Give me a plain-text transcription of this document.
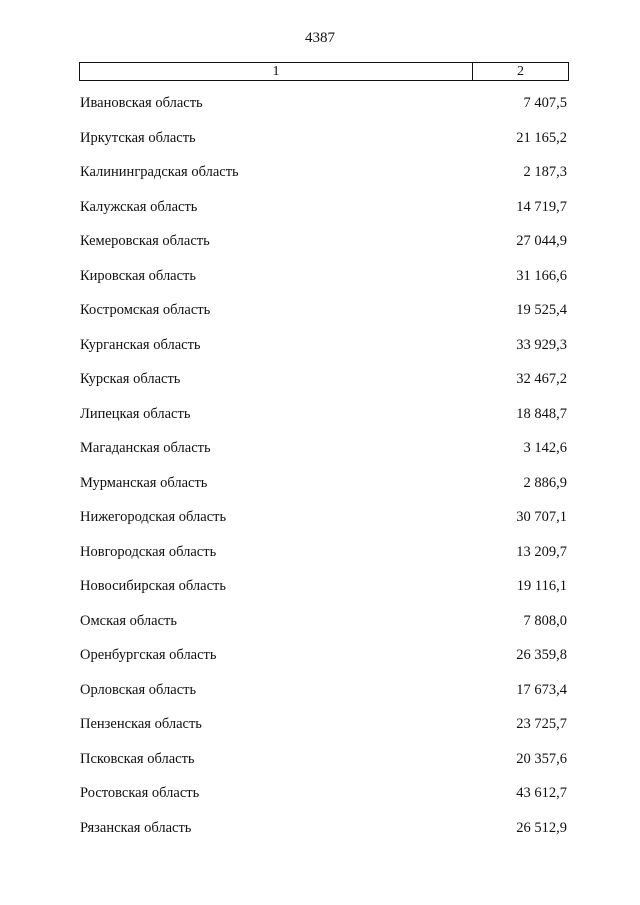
4387
1	2
Ивановская область	7 407,5
Иркутская область	21 165,2
Калининградская область	2 187,3
Калужская область	14 719,7
Кемеровская область	27 044,9
Кировская область	31 166,6
Костромская область	19 525,4
Курганская область	33 929,3
Курская область	32 467,2
Липецкая область	18 848,7
Магаданская область	3 142,6
Мурманская область	2 886,9
Нижегородская область	30 707,1
Новгородская область	13 209,7
Новосибирская область	19 116,1
Омская область	7 808,0
Оренбургская область	26 359,8
Орловская область	17 673,4
Пензенская область	23 725,7
Псковская область	20 357,6
Ростовская область	43 612,7
Рязанская область	26 512,9
